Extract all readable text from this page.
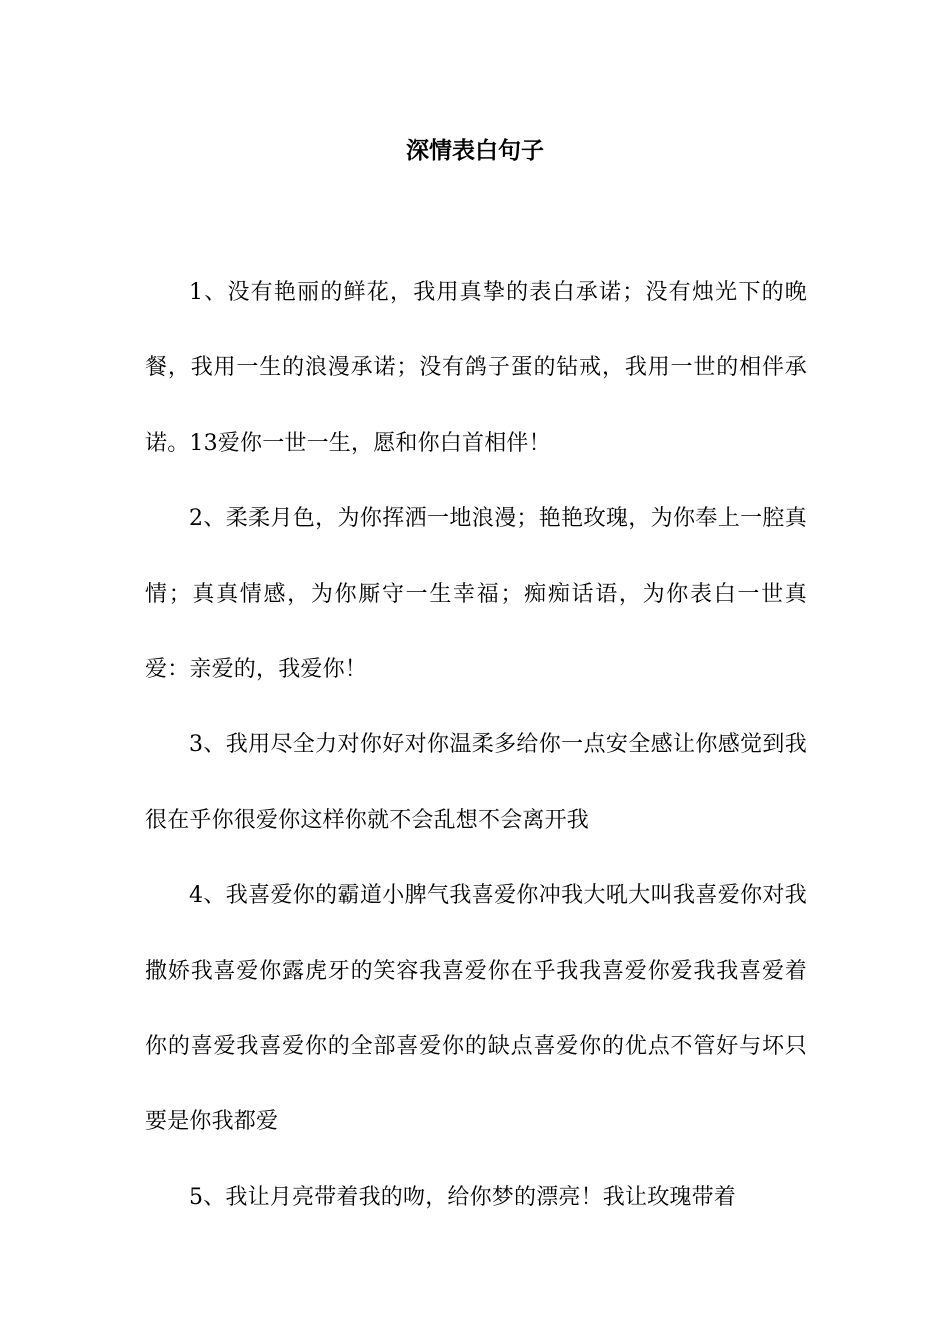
深情表白句子

1、没有艳丽的鲜花，我用真挚的表白承诺；没有烛光下的晚餐，我用一生的浪漫承诺；没有鸽子蛋的钻戒，我用一世的相伴承诺。13爱你一世一生，愿和你白首相伴！

2、柔柔月色，为你挥洒一地浪漫；艳艳玫瑰，为你奉上一腔真情；真真情感，为你厮守一生幸福；痴痴话语，为你表白一世真爱：亲爱的，我爱你！

3、我用尽全力对你好对你温柔多给你一点安全感让你感觉到我很在乎你很爱你这样你就不会乱想不会离开我

4、我喜爱你的霸道小脾气我喜爱你冲我大吼大叫我喜爱你对我撒娇我喜爱你露虎牙的笑容我喜爱你在乎我我喜爱你爱我我喜爱着你的喜爱我喜爱你的全部喜爱你的缺点喜爱你的优点不管好与坏只要是你我都爱

5、我让月亮带着我的吻，给你梦的漂亮！我让玫瑰带着
